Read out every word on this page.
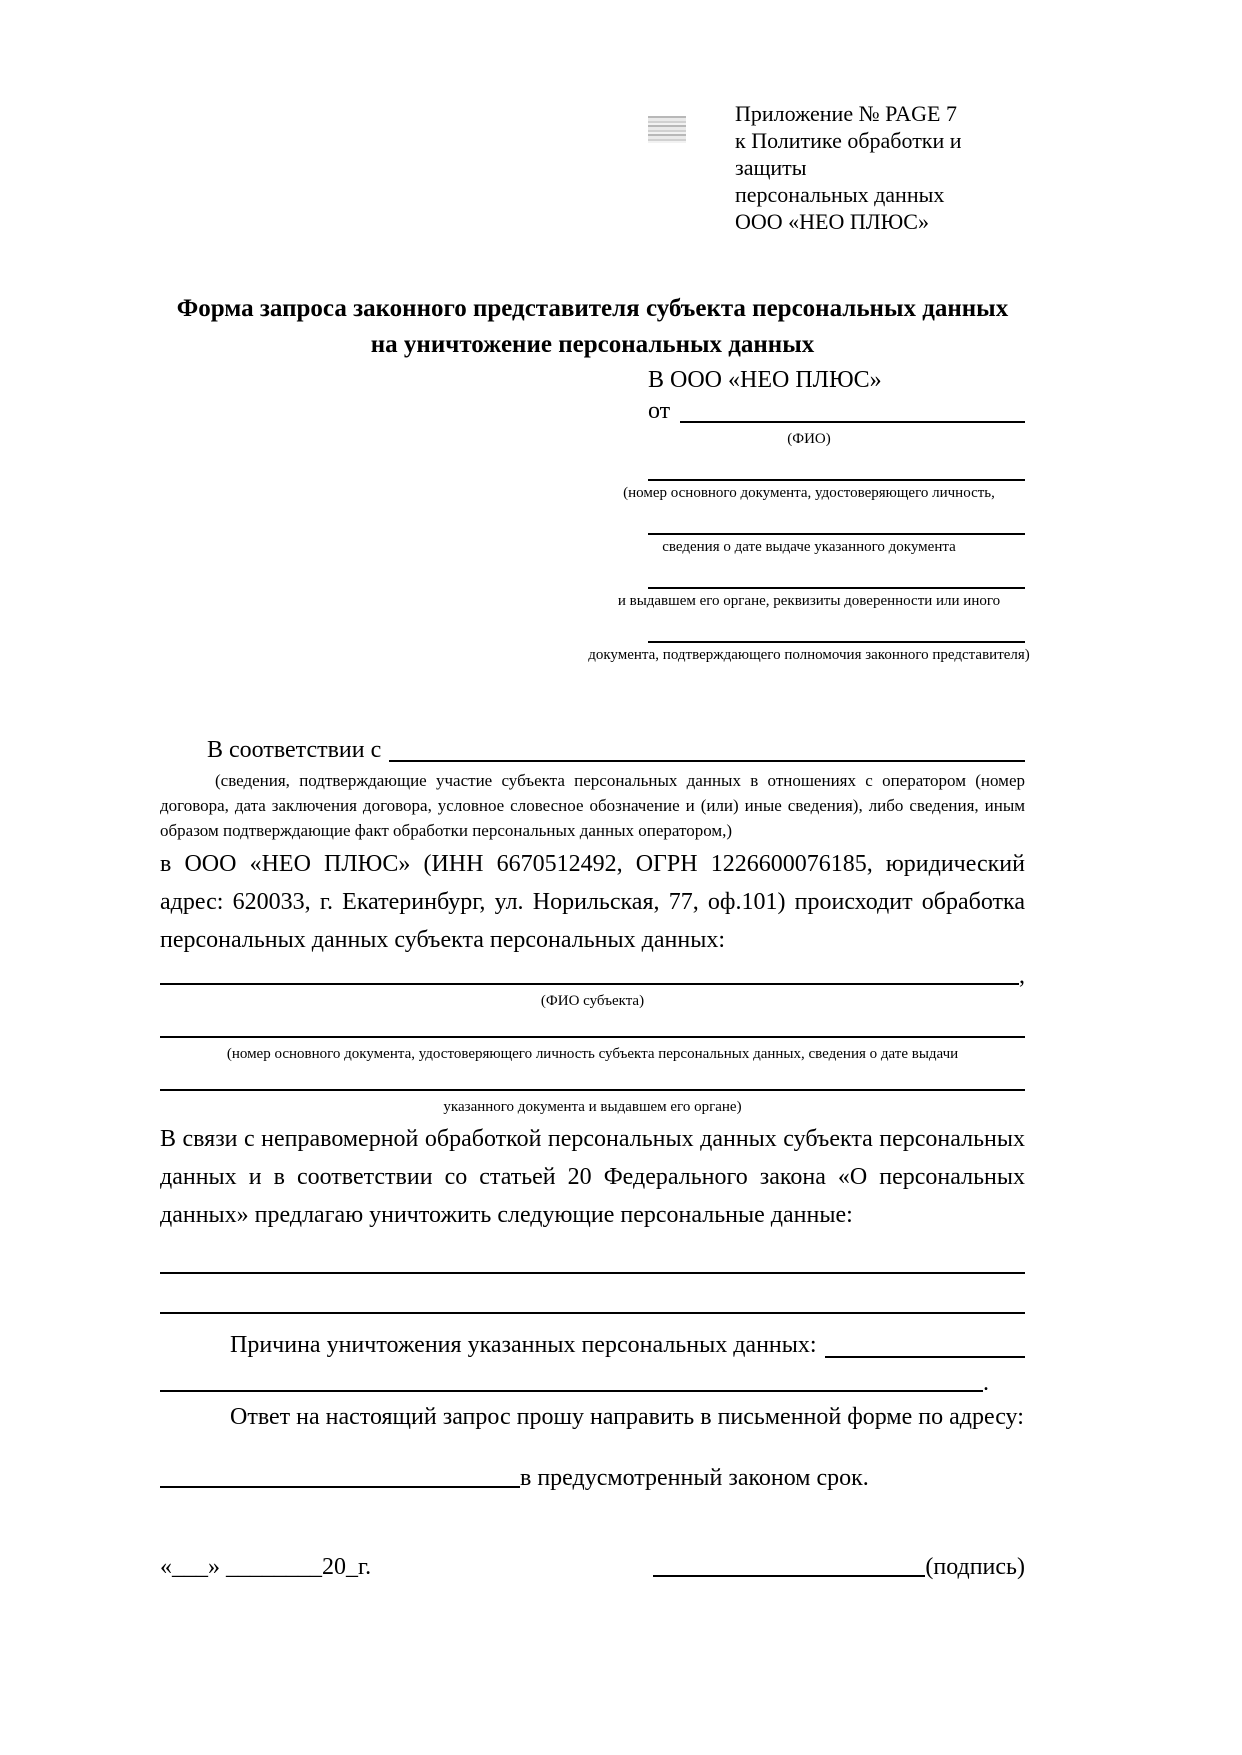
Приложение № PAGE 7
к Политике обработки и защиты
персональных данных
ООО «НЕО ПЛЮС»
Форма запроса законного представителя субъекта персональных данных
на уничтожение персональных данных
В ООО «НЕО ПЛЮС»
от
(ФИО)
(номер основного документа, удостоверяющего личность,
сведения о дате выдаче указанного документа
и выдавшем его органе, реквизиты доверенности или иного
документа, подтверждающего полномочия законного представителя)
В соответствии с

(сведения, подтверждающие участие субъекта персональных данных в отношениях с оператором (номер договора, дата заключения договора, условное словесное обозначение и (или) иные сведения), либо сведения, иным образом подтверждающие факт обработки персональных данных оператором,)

в ООО «НЕО ПЛЮС» (ИНН 6670512492, ОГРН 1226600076185, юридический адрес: 620033, г. Екатеринбург, ул. Норильская, 77, оф.101) происходит обработка персональных данных субъекта персональных данных:

,
(ФИО субъекта)
(номер основного документа, удостоверяющего личность субъекта персональных данных, сведения о дате выдачи
указанного документа и выдавшем его органе)

В связи с неправомерной обработкой персональных данных субъекта персональных данных и в соответствии со статьей 20 Федерального закона «О персональных данных» предлагаю уничтожить следующие персональные данные:

Причина уничтожения указанных персональных данных:
.

Ответ на настоящий запрос прошу направить в письменной форме по адресу:

в предусмотренный законом срок.
«___» ________20_г.	(подпись)
